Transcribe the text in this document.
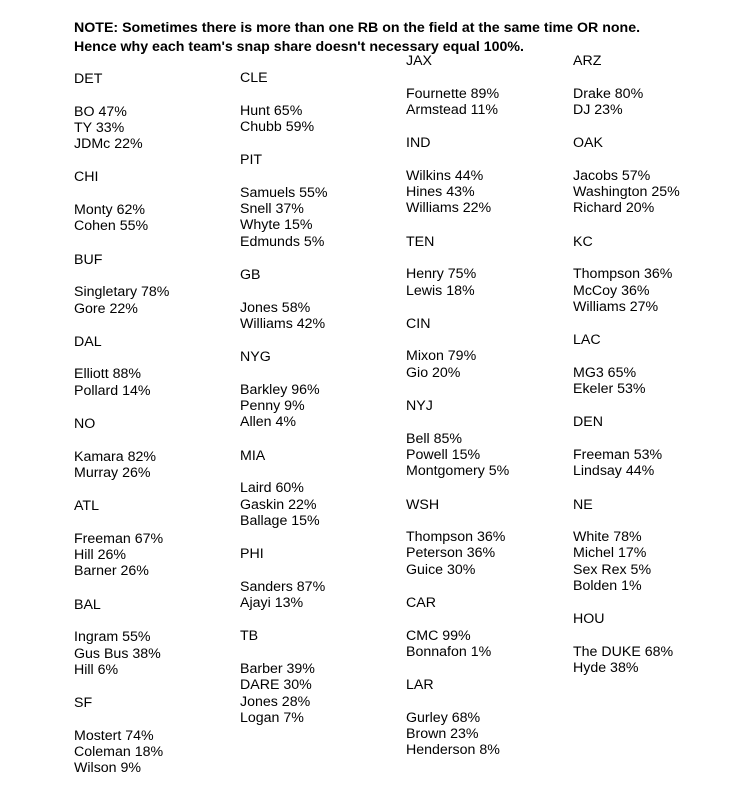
NOTE: Sometimes there is more than one RB on the field at the same time OR none.
Hence why each team's snap share doesn't necessary equal 100%.

DET
BO 47%
TY 33%
JDMc 22%
CHI
Monty 62%
Cohen 55%
BUF
Singletary 78%
Gore 22%
DAL
Elliott 88%
Pollard 14%
NO
Kamara 82%
Murray 26%
ATL
Freeman 67%
Hill 26%
Barner 26%
BAL
Ingram 55%
Gus Bus 38%
Hill 6%
SF
Mostert 74%
Coleman 18%
Wilson 9%
CLE
Hunt 65%
Chubb 59%
PIT
Samuels 55%
Snell 37%
Whyte 15%
Edmunds 5%
GB
Jones 58%
Williams 42%
NYG
Barkley 96%
Penny 9%
Allen 4%
MIA
Laird 60%
Gaskin 22%
Ballage 15%
PHI
Sanders 87%
Ajayi 13%
TB
Barber 39%
DARE 30%
Jones 28%
Logan 7%
JAX
Fournette 89%
Armstead 11%
IND
Wilkins 44%
Hines 43%
Williams 22%
TEN
Henry 75%
Lewis 18%
CIN
Mixon 79%
Gio 20%
NYJ
Bell 85%
Powell 15%
Montgomery 5%
WSH
Thompson 36%
Peterson 36%
Guice 30%
CAR
CMC 99%
Bonnafon 1%
LAR
Gurley 68%
Brown 23%
Henderson 8%
ARZ
Drake 80%
DJ 23%
OAK
Jacobs 57%
Washington 25%
Richard 20%
KC
Thompson 36%
McCoy 36%
Williams 27%
LAC
MG3 65%
Ekeler 53%
DEN
Freeman 53%
Lindsay 44%
NE
White 78%
Michel 17%
Sex Rex 5%
Bolden 1%
HOU
The DUKE 68%
Hyde 38%
